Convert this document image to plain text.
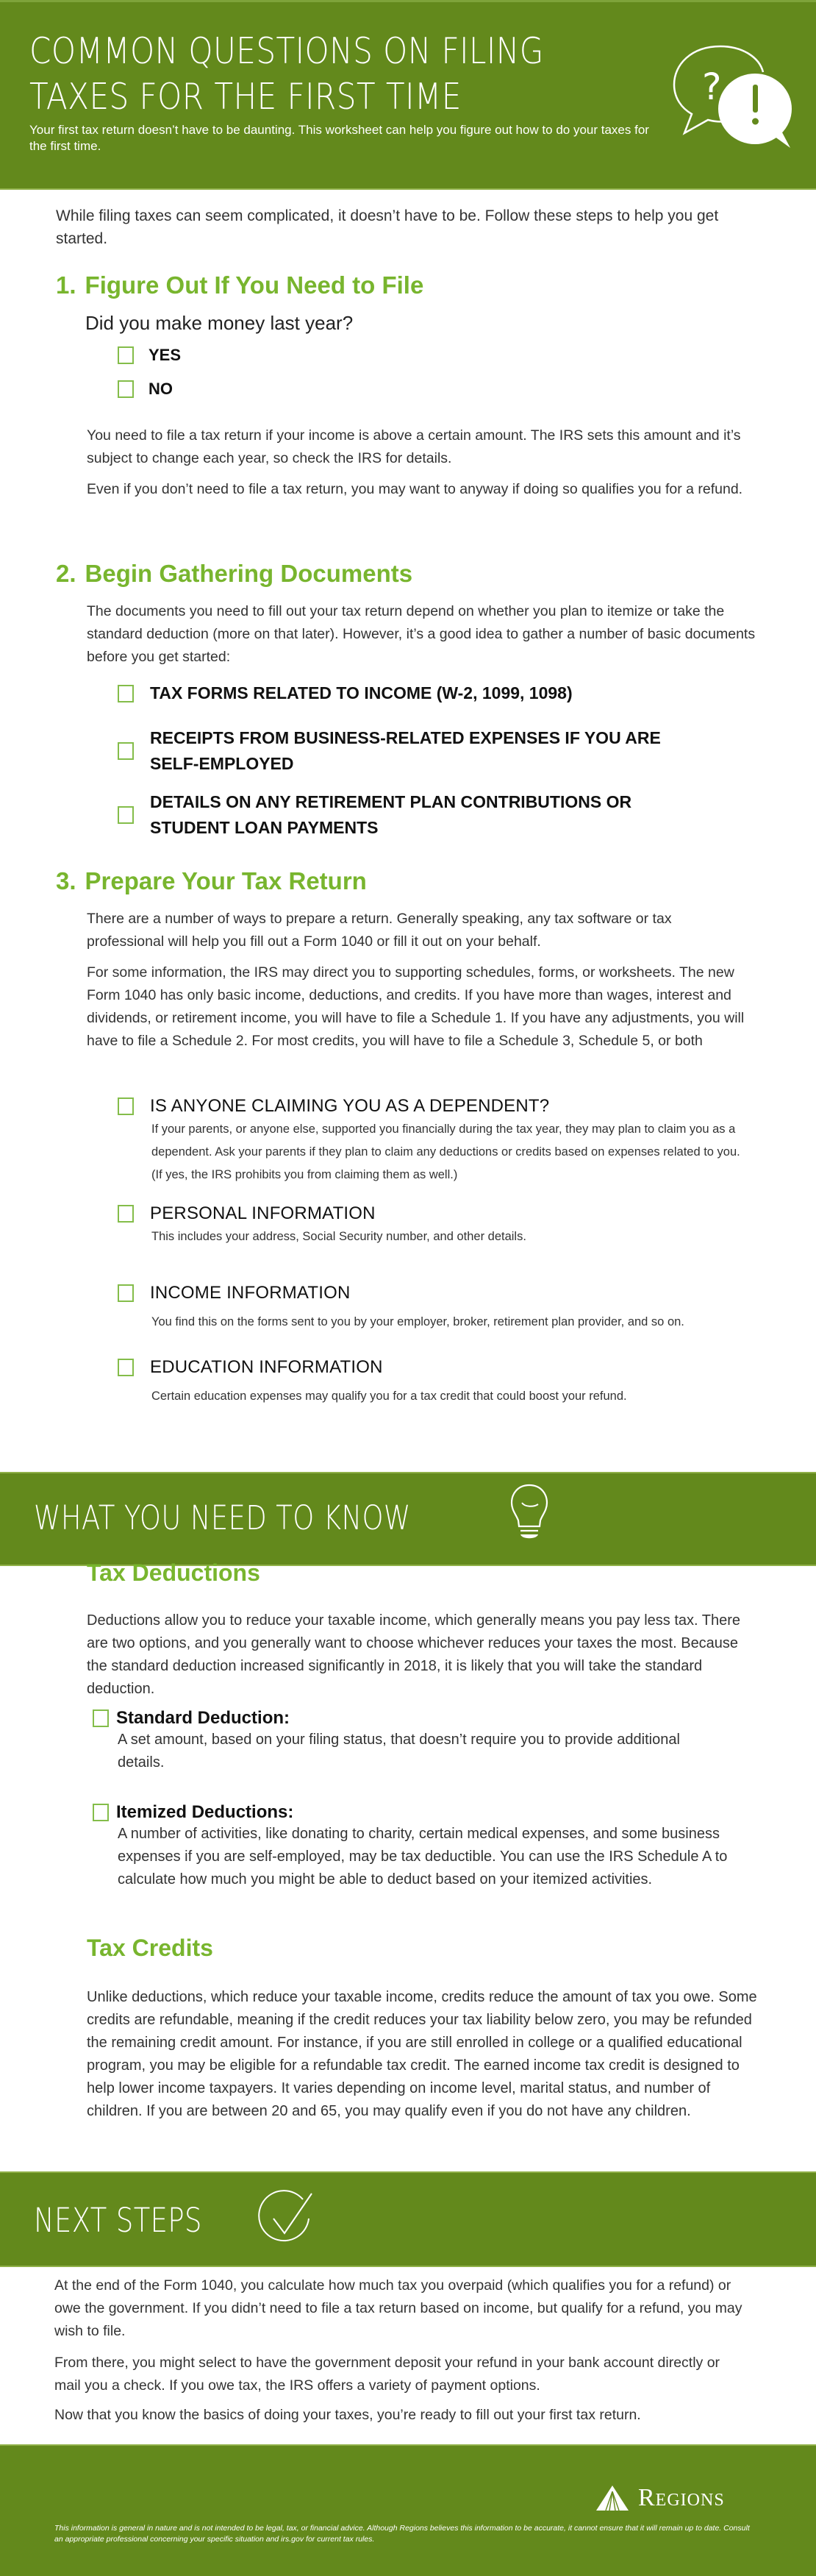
COMMON QUESTIONS ON FILING TAXES FOR THE FIRST TIME
Your first tax return doesn’t have to be daunting. This worksheet can help you figure out how to do your taxes for the first time.
?
While filing taxes can seem complicated, it doesn’t have to be. Follow these steps to help you get started.
1. Figure Out If You Need to File
Did you make money last year?
YES
NO
You need to file a tax return if your income is above a certain amount. The IRS sets this amount and it’s subject to change each year, so check the IRS for details.
Even if you don’t need to file a tax return, you may want to anyway if doing so qualifies you for a refund.
2. Begin Gathering Documents
The documents you need to fill out your tax return depend on whether you plan to itemize or take the standard deduction (more on that later). However, it’s a good idea to gather a number of basic documents before you get started:
TAX FORMS RELATED TO INCOME (W-2, 1099, 1098)
RECEIPTS FROM BUSINESS-RELATED EXPENSES IF YOU ARE SELF-EMPLOYED
DETAILS ON ANY RETIREMENT PLAN CONTRIBUTIONS OR STUDENT LOAN PAYMENTS
3. Prepare Your Tax Return
There are a number of ways to prepare a return. Generally speaking, any tax software or tax professional will help you fill out a Form 1040 or fill it out on your behalf.
For some information, the IRS may direct you to supporting schedules, forms, or worksheets. The new Form 1040 has only basic income, deductions, and credits. If you have more than wages, interest and dividends, or retirement income, you will have to file a Schedule 1. If you have any adjustments, you will have to file a Schedule 2. For most credits, you will have to file a Schedule 3, Schedule 5, or both
IS ANYONE CLAIMING YOU AS A DEPENDENT?
If your parents, or anyone else, supported you financially during the tax year, they may plan to claim you as a dependent. Ask your parents if they plan to claim any deductions or credits based on expenses related to you. (If yes, the IRS prohibits you from claiming them as well.)
PERSONAL INFORMATION
This includes your address, Social Security number, and other details.
INCOME INFORMATION
You find this on the forms sent to you by your employer, broker, retirement plan provider, and so on.
EDUCATION INFORMATION
Certain education expenses may qualify you for a tax credit that could boost your refund.
WHAT YOU NEED TO KNOW
Tax Deductions
Deductions allow you to reduce your taxable income, which generally means you pay less tax. There are two options, and you generally want to choose whichever reduces your taxes the most. Because the standard deduction increased significantly in 2018, it is likely that you will take the standard deduction.
Standard Deduction:
A set amount, based on your filing status, that doesn’t require you to provide additional details.
Itemized Deductions:
A number of activities, like donating to charity, certain medical expenses, and some business expenses if you are self-employed, may be tax deductible. You can use the IRS Schedule A to calculate how much you might be able to deduct based on your itemized activities.
Tax Credits
Unlike deductions, which reduce your taxable income, credits reduce the amount of tax you owe. Some credits are refundable, meaning if the credit reduces your tax liability below zero, you may be refunded the remaining credit amount. For instance, if you are still enrolled in college or a qualified educational program, you may be eligible for a refundable tax credit. The earned income tax credit is designed to help lower income taxpayers. It varies depending on income level, marital status, and number of children. If you are between 20 and 65, you may qualify even if you do not have any children.
NEXT STEPS
At the end of the Form 1040, you calculate how much tax you overpaid (which qualifies you for a refund) or owe the government. If you didn’t need to file a tax return based on income, but qualify for a refund, you may wish to file.
From there, you might select to have the government deposit your refund in your bank account directly or mail you a check. If you owe tax, the IRS offers a variety of payment options.
Now that you know the basics of doing your taxes, you’re ready to fill out your first tax return.
Regions
This information is general in nature and is not intended to be legal, tax, or financial advice. Although Regions believes this information to be accurate, it cannot ensure that it will remain up to date. Consult an appropriate professional concerning your specific situation and irs.gov for current tax rules.
